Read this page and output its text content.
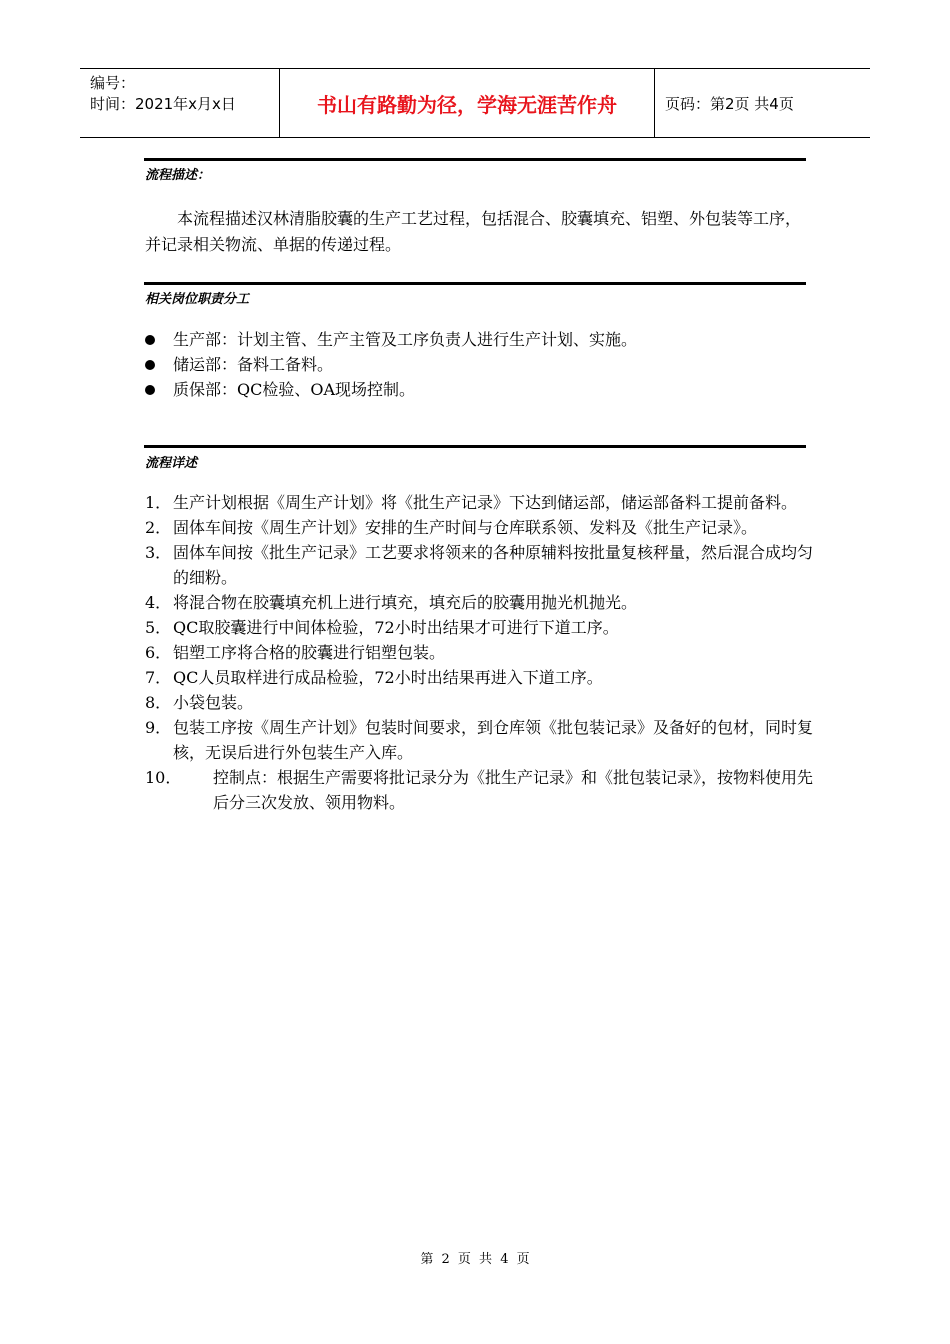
编号：
时间：2021年x月x日	书山有路勤为径，学海无涯苦作舟	页码：第2页 共4页
流程描述：

本流程描述汉林清脂胶囊的生产工艺过程，包括混合、胶囊填充、铝塑、外包装等工序，并记录相关物流、单据的传递过程。

相关岗位职责分工
生产部：计划主管、生产主管及工序负责人进行生产计划、实施。
储运部：备料工备料。
质保部：QC检验、OA现场控制。
流程详述
1． 生产计划根据《周生产计划》将《批生产记录》下达到储运部，储运部备料工提前备料。
2． 固体车间按《周生产计划》安排的生产时间与仓库联系领、发料及《批生产记录》。
3． 固体车间按《批生产记录》工艺要求将领来的各种原辅料按批量复核秤量，然后混合成均匀的细粉。
4． 将混合物在胶囊填充机上进行填充，填充后的胶囊用抛光机抛光。
5． QC取胶囊进行中间体检验，72小时出结果才可进行下道工序。
6． 铝塑工序将合格的胶囊进行铝塑包装。
7． QC人员取样进行成品检验，72小时出结果再进入下道工序。
8． 小袋包装。
9． 包装工序按《周生产计划》包装时间要求，到仓库领《批包装记录》及备好的包材，同时复核，无误后进行外包装生产入库。
10．	控制点：根据生产需要将批记录分为《批生产记录》和《批包装记录》，按物料使用先后分三次发放、领用物料。
第 2 页 共 4 页
